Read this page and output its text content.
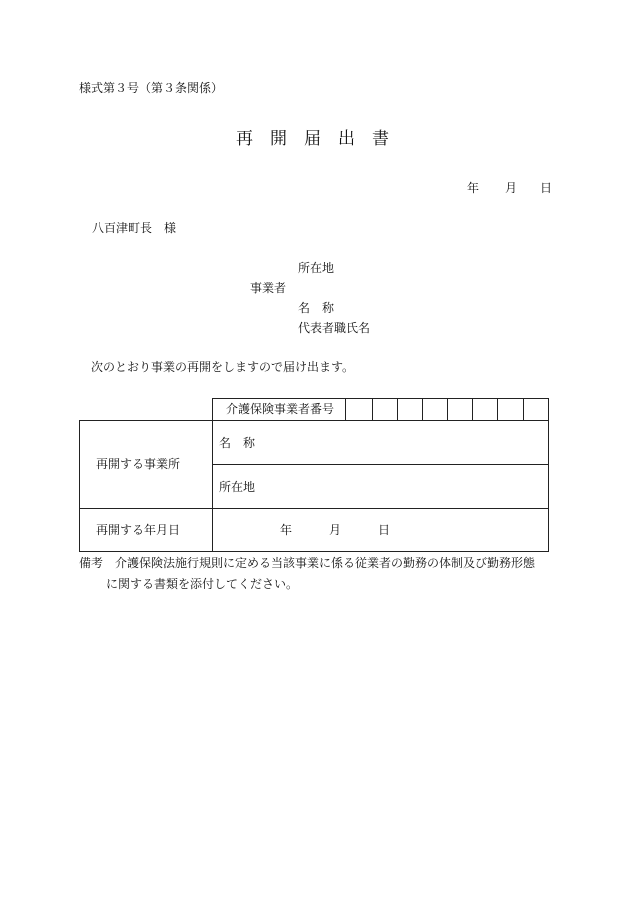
様式第３号（第３条関係）
再開届出書
年 月 日
八百津町長　様
所在地
事業者
名　称
代表者職氏名
次のとおり事業の再開をしますので届け出ます。
介護保険事業者番号
再開する事業所
名　称
所在地
再開する年月日	年	月	日
備考　介護保険法施行規則に定める当該事業に係る従業者の勤務の体制及び勤務形態
に関する書類を添付してください。
